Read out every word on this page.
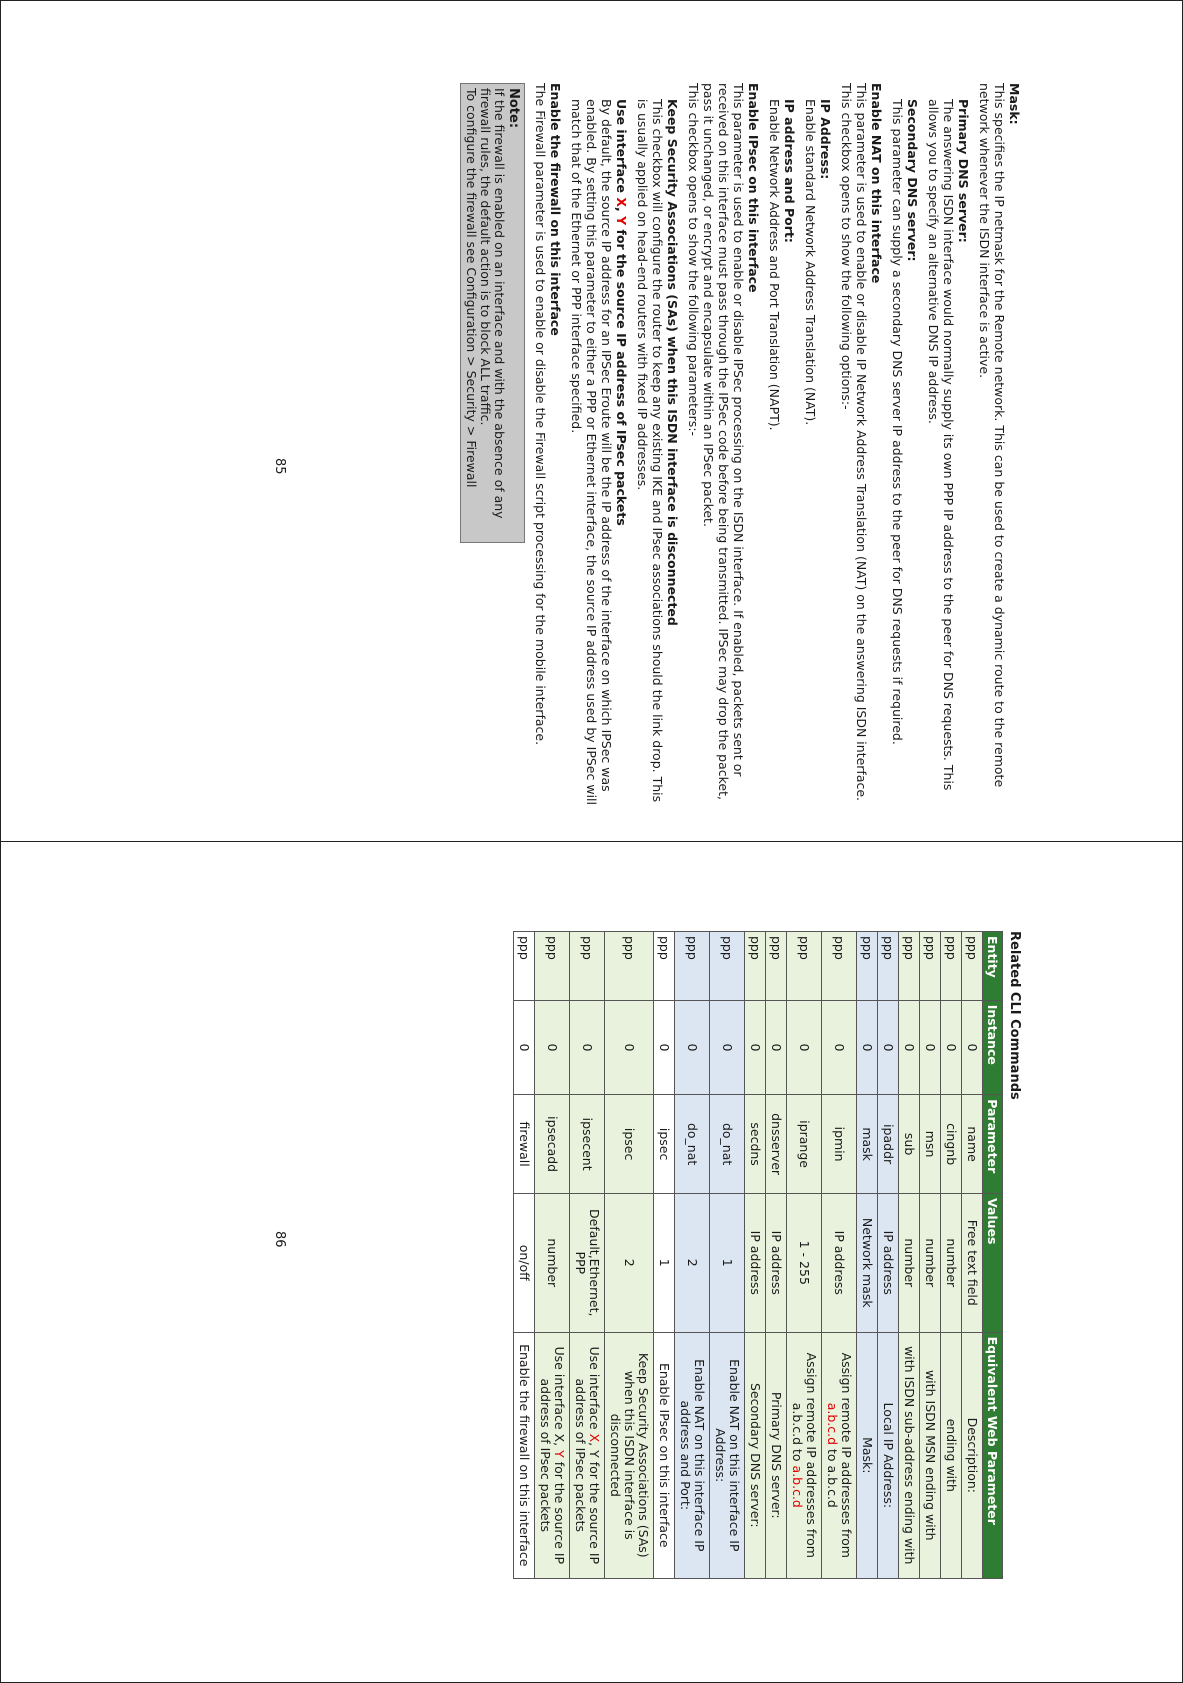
Mask:

This specifies the IP netmask for the Remote network. This can be used to create a dynamic route to the remote network whenever the ISDN interface is active.

Primary DNS server:

The answering ISDN interface would normally supply its own PPP IP address to the peer for DNS requests. This allows you to specify an alternative DNS IP address.

Secondary DNS server:

This parameter can supply a secondary DNS server IP address to the peer for DNS requests if required.

Enable NAT on this interface

This parameter is used to enable or disable IP Network Address Translation (NAT) on the answering ISDN interface.

This checkbox opens to show the following options:-

IP Address:

Enable standard Network Address Translation (NAT).

IP address and Port:

Enable Network Address and Port Translation (NAPT).

Enable IPsec on this interface

This parameter is used to enable or disable IPSec processing on the ISDN interface. If enabled, packets sent or received on this interface must pass through the IPSec code before being transmitted. IPSec may drop the packet, pass it unchanged, or encrypt and encapsulate within an IPSec packet.

This checkbox opens to show the following parameters:-

Keep Security Associations (SAs) when this ISDN interface is disconnected

This checkbox will configure the router to keep any existing IKE and IPsec associations should the link drop. This is usually applied on head-end routers with fixed IP addresses.

Use interface X, Y for the source IP address of IPsec packets

By default, the source IP address for an IPSec Eroute will be the IP address of the interface on which IPSec was enabled. By setting this parameter to either a PPP or Ethernet interface, the source IP address used by IPSec will match that of the Ethernet or PPP interface specified.

Enable the firewall on this interface

The Firewall parameter is used to enable or disable the Firewall script processing for the mobile interface.

Note:
If the firewall is enabled on an interface and with the absence of any firewall rules, the default action is to block ALL traffic.
To configure the firewall see Configuration > Security > Firewall
85
Related CLI Commands
Entity	Instance	Parameter	Values	Equivalent Web Parameter
ppp	0	name	Free text field	Description:
ppp	0	cingnb	number	ending with
ppp	0	msn	number	with ISDN MSN ending with
ppp	0	sub	number	with ISDN sub-address ending with
ppp	0	ipaddr	IP address	Local IP Address:
ppp	0	mask	Network mask	Mask:
ppp	0	ipmin	IP address	Assign remote IP addresses from a.b.c.d to a.b.c.d
ppp	0	iprange	1 - 255	Assign remote IP addresses from a.b.c.d to a.b.c.d
ppp	0	dnsserver	IP address	Primary DNS server:
ppp	0	secdns	IP address	Secondary DNS server:
ppp	0	do_nat	1	Enable NAT on this interface IP Address:
ppp	0	do_nat	2	Enable NAT on this interface IP address and Port:
ppp	0	ipsec	1	Enable IPsec on this interface
ppp	0	ipsec	2	Keep Security Associations (SAs) when this ISDN interface is disconnected
ppp	0	ipsecent	Default,Ethernet, PPP	Use interface X, Y for the source IP address of IPsec packets
ppp	0	ipsecadd	number	Use interface X, Y for the source IP address of IPsec packets
ppp	0	firewall	on/off	Enable the firewall on this interface
86
